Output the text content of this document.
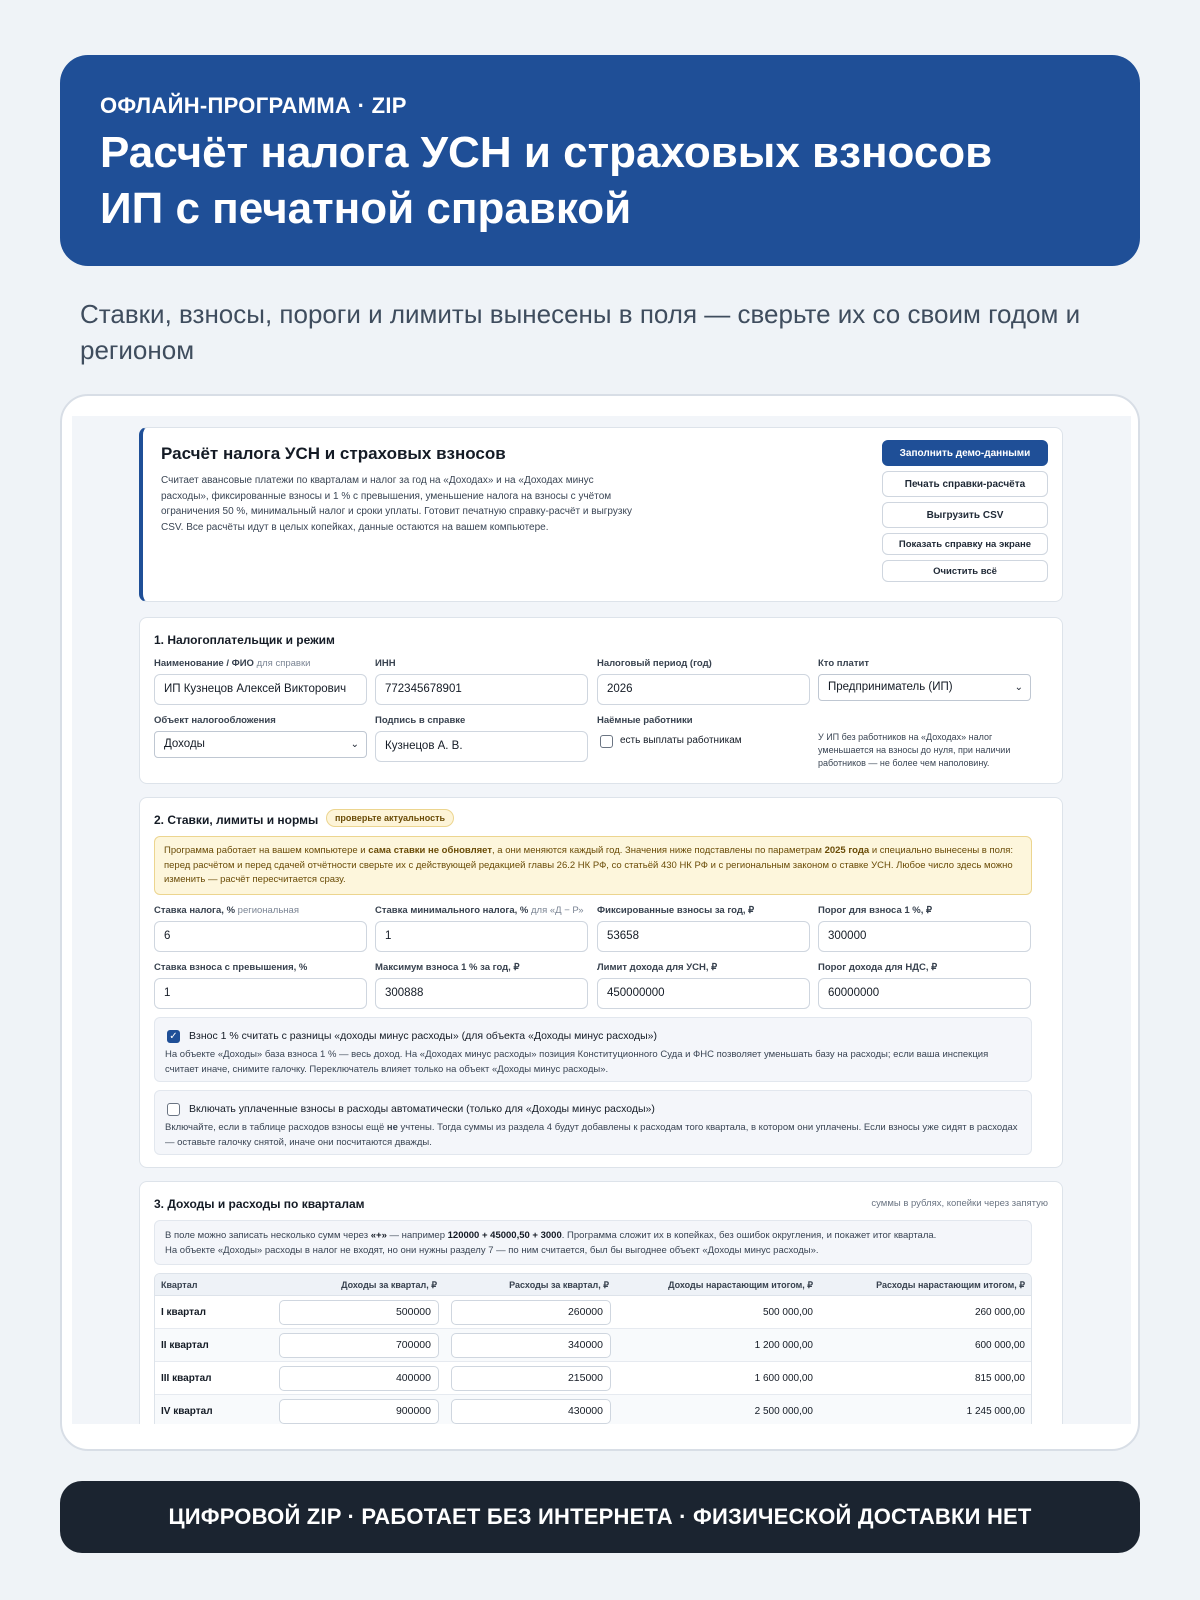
ОФЛАЙН-ПРОГРАММА · ZIP
Расчёт налога УСН и страховых взносов
ИП с печатной справкой
Ставки, взносы, пороги и лимиты вынесены в поля — сверьте их со своим годом и регионом
Расчёт налога УСН и страховых взносов
Считает авансовые платежи по кварталам и налог за год на «Доходах» и на «Доходах минус расходы», фиксированные взносы и 1 % с превышения, уменьшение налога на взносы с учётом ограничения 50 %, минимальный налог и сроки уплаты. Готовит печатную справку-расчёт и выгрузку CSV. Все расчёты идут в целых копейках, данные остаются на вашем компьютере.
Заполнить демо-данными
Печать справки-расчёта
Выгрузить CSV
Показать справку на экране
Очистить всё
1. Налогоплательщик и режим
Наименование / ФИО для справки
ИП Кузнецов Алексей Викторович
ИНН
772345678901
Налоговый период (год)
2026
Кто платит
Предприниматель (ИП)	⌄
Объект налогообложения
Доходы	⌄
Подпись в справке
Кузнецов А. В.
Наёмные работники
есть выплаты работникам	У ИП без работников на «Доходах» налог уменьшается на взносы до нуля, при наличии работников — не более чем наполовину.
2. Ставки, лимиты и нормы	проверьте актуальность
Программа работает на вашем компьютере и сама ставки не обновляет, а они меняются каждый год. Значения ниже подставлены по параметрам 2025 года и специально вынесены в поля: перед расчётом и перед сдачей отчётности сверьте их с действующей редакцией главы 26.2 НК РФ, со статьёй 430 НК РФ и с региональным законом о ставке УСН. Любое число здесь можно изменить — расчёт пересчитается сразу.
Ставка налога, % региональная
6
Ставка минимального налога, % для «Д − Р»
1
Фиксированные взносы за год, ₽
53658
Порог для взноса 1 %, ₽
300000
Ставка взноса с превышения, %
1
Максимум взноса 1 % за год, ₽
300888
Лимит дохода для УСН, ₽
450000000
Порог дохода для НДС, ₽
60000000
✓ Взнос 1 % считать с разницы «доходы минус расходы» (для объекта «Доходы минус расходы»)
На объекте «Доходы» база взноса 1 % — весь доход. На «Доходах минус расходы» позиция Конституционного Суда и ФНС позволяет уменьшать базу на расходы; если ваша инспекция считает иначе, снимите галочку. Переключатель влияет только на объект «Доходы минус расходы».
Включать уплаченные взносы в расходы автоматически (только для «Доходы минус расходы»)
Включайте, если в таблице расходов взносы ещё не учтены. Тогда суммы из раздела 4 будут добавлены к расходам того квартала, в котором они уплачены. Если взносы уже сидят в расходах — оставьте галочку снятой, иначе они посчитаются дважды.
3. Доходы и расходы по кварталам	суммы в рублях, копейки через запятую
В поле можно записать несколько сумм через «+» — например 120000 + 45000,50 + 3000. Программа сложит их в копейках, без ошибок округления, и покажет итог квартала.
На объекте «Доходы» расходы в налог не входят, но они нужны разделу 7 — по ним считается, был бы выгоднее объект «Доходы минус расходы».
Квартал	Доходы за квартал, ₽	Расходы за квартал, ₽	Доходы нарастающим итогом, ₽	Расходы нарастающим итогом, ₽
I квартал	500000	260000	500 000,00	260 000,00
II квартал	700000	340000	1 200 000,00	600 000,00
III квартал	400000	215000	1 600 000,00	815 000,00
IV квартал	900000	430000	2 500 000,00	1 245 000,00
ЦИФРОВОЙ ZIP · РАБОТАЕТ БЕЗ ИНТЕРНЕТА · ФИЗИЧЕСКОЙ ДОСТАВКИ НЕТ
